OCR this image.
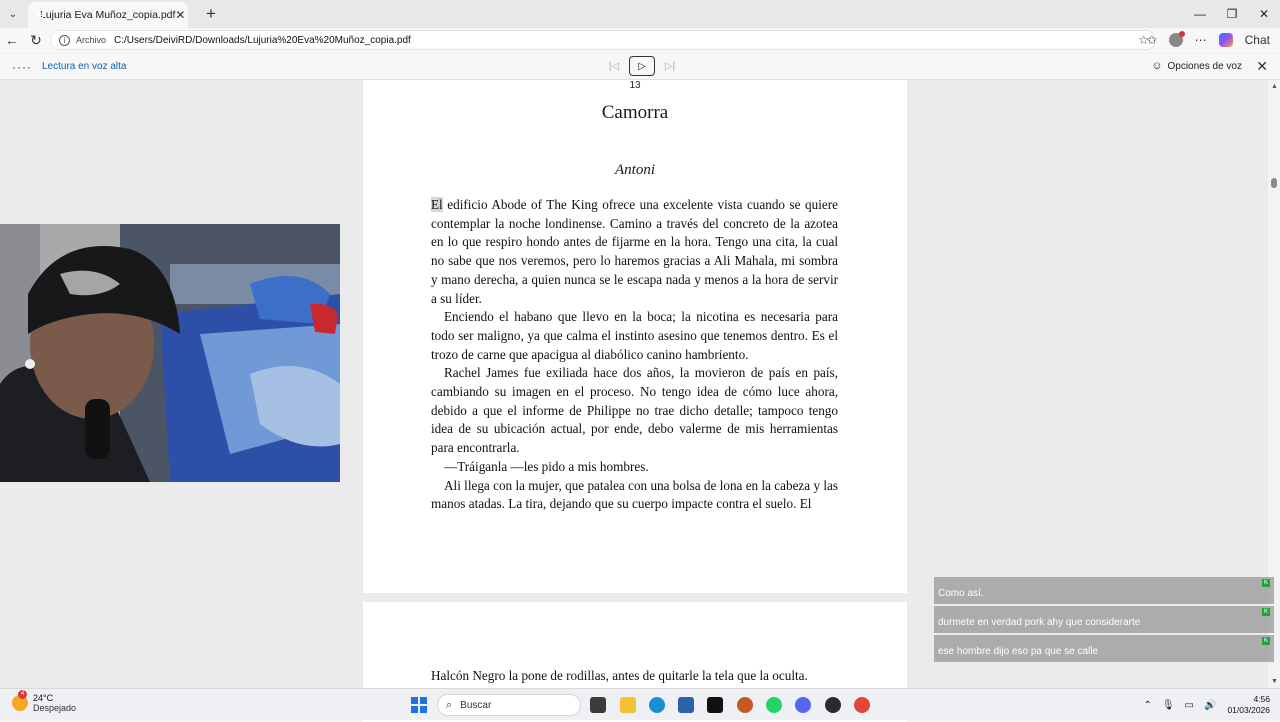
⌄	Lujuria Eva Muñoz_copia.pdf ✕	+	—	❐	✕
← ↻	i	Archivo C:/Users/DeiviRD/Downloads/Lujuria%20Eva%20Muñoz_copia.pdf	☆
✩	⋯	Chat
···· Lectura en voz alta	|◁	▷	▷|	☺ Opciones de voz ✕
13
Camorra
Antoni

El edificio Abode of The King ofrece una excelente vista cuando se quiere contemplar la noche londinense. Camino a través del concreto de la azotea en lo que respiro hondo antes de fijarme en la hora. Tengo una cita, la cual no sabe que nos veremos, pero lo haremos gracias a Ali Mahala, mi sombra y mano derecha, a quien nunca se le escapa nada y menos a la hora de servir a su líder.

Enciendo el habano que llevo en la boca; la nicotina es necesaria para todo ser maligno, ya que calma el instinto asesino que tenemos dentro. Es el trozo de carne que apacigua al diabólico canino hambriento.

Rachel James fue exiliada hace dos años, la movieron de país en país, cambiando su imagen en el proceso. No tengo idea de cómo luce ahora, debido a que el informe de Philippe no trae dicho detalle; tampoco tengo idea de su ubicación actual, por ende, debo valerme de mis herramientas para encontrarla.

—Tráiganla —les pido a mis hombres.

Ali llega con la mujer, que patalea con una bolsa de lona en la cabeza y las manos atadas. La tira, dejando que su cuerpo impacte contra el suelo. El

Halcón Negro la pone de rodillas, antes de quitarle la tela que la oculta.
▲
▼
·········
Como así.
K
·········
durmete en verdad pork ahy que considerarte
K
·········
ese hombre dijo eso pa que se calle
K
4 24°C
Despejado	⌕ Buscar	⌃ 🎙 ▭ 🔊
4:56
01/03/2026
